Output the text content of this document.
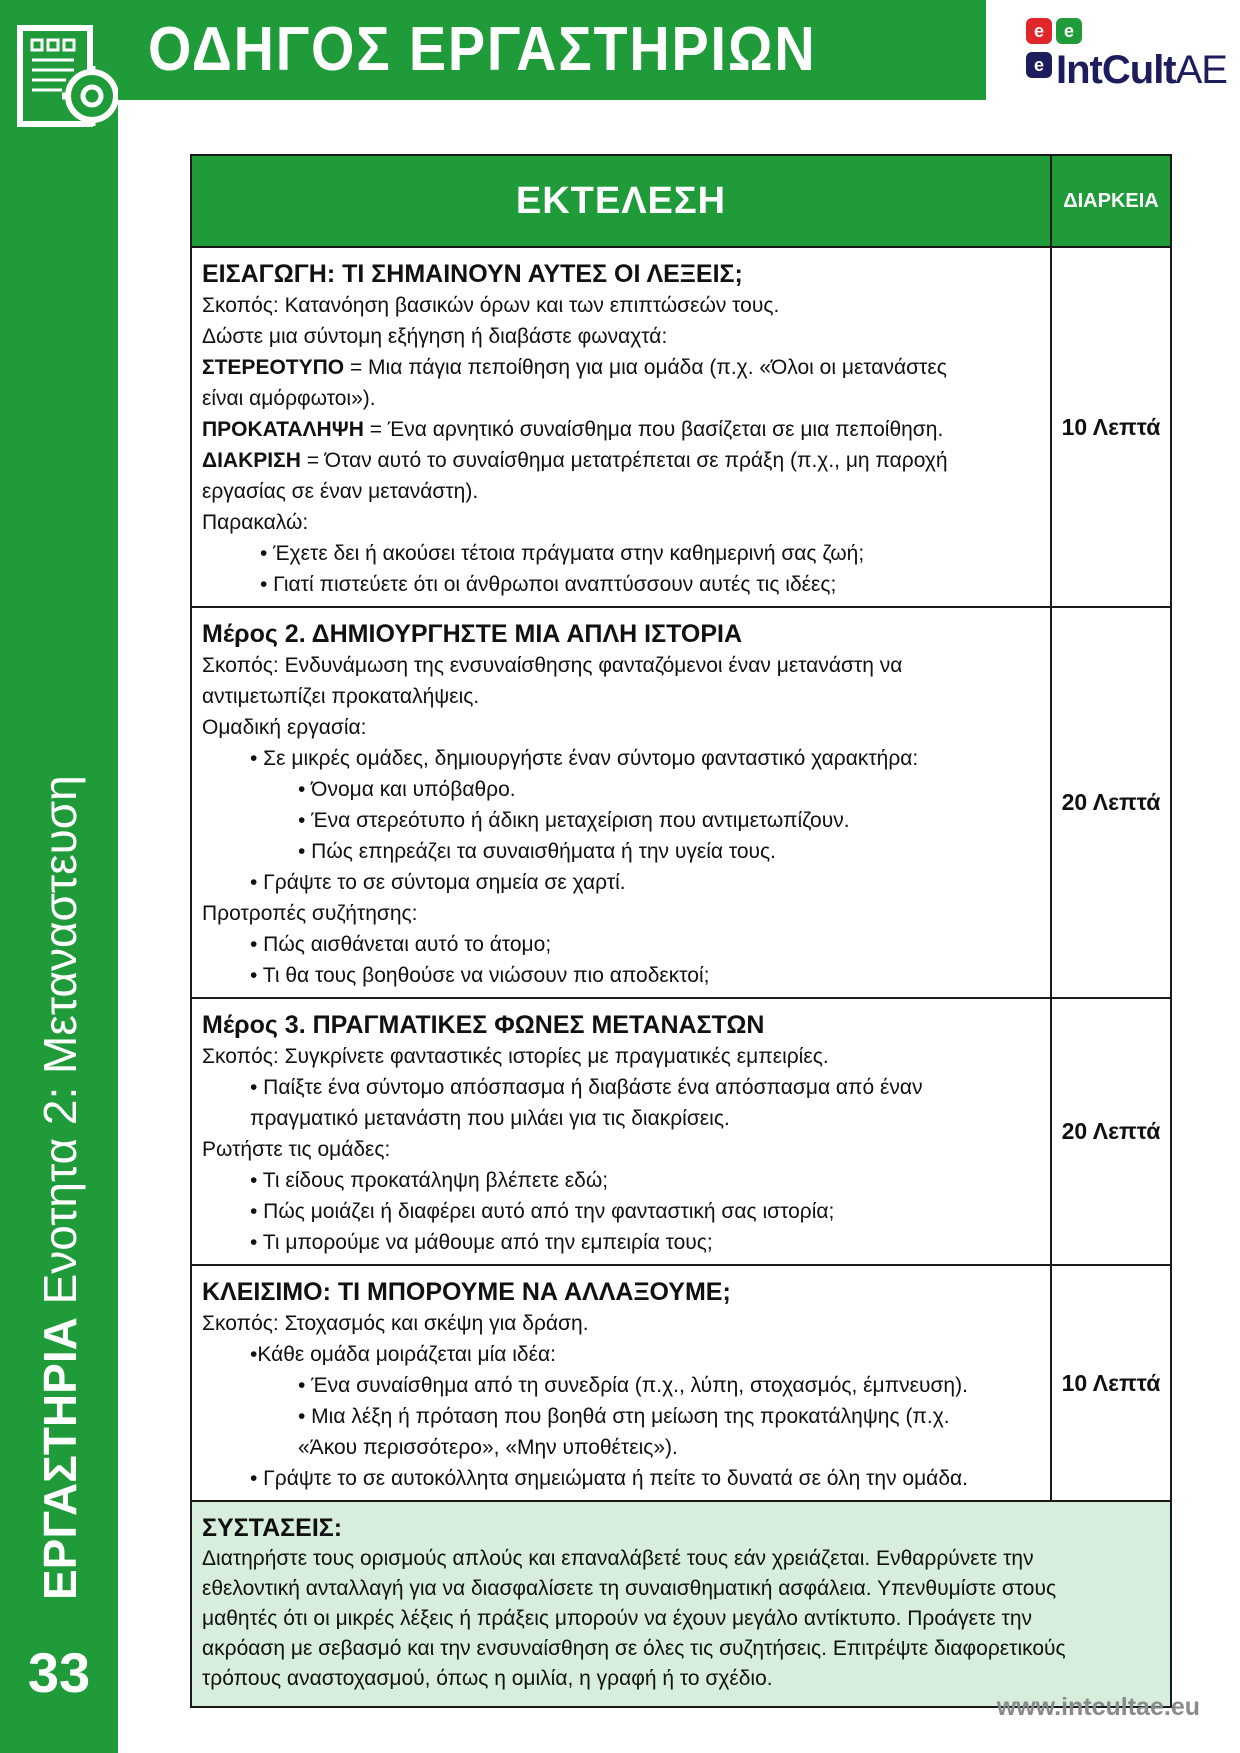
ΕΡΓΑΣΤΗΡΙΑ Ενοτητα 2: Μεταναστευση
33
ΟΔΗΓΟΣ ΕΡΓΑΣΤΗΡΙΩΝ	e	e
e IntCultAE
ΕΚΤΕΛΕΣΗ	ΔΙΑΡΚΕΙΑ
ΕΙΣΑΓΩΓΗ: ΤΙ ΣΗΜΑΙΝΟΥΝ ΑΥΤΕΣ ΟΙ ΛΕΞΕΙΣ;
Σκοπός: Κατανόηση βασικών όρων και των επιπτώσεών τους.
Δώστε μια σύντομη εξήγηση ή διαβάστε φωναχτά:
ΣΤΕΡΕΟΤΥΠΟ = Μια πάγια πεποίθηση για μια ομάδα (π.χ. «Όλοι οι μετανάστες
είναι αμόρφωτοι»).
ΠΡΟΚΑΤΑΛΗΨΗ = Ένα αρνητικό συναίσθημα που βασίζεται σε μια πεποίθηση.
ΔΙΑΚΡΙΣΗ = Όταν αυτό το συναίσθημα μετατρέπεται σε πράξη (π.χ., μη παροχή
εργασίας σε έναν μετανάστη).
Παρακαλώ:
• Έχετε δει ή ακούσει τέτοια πράγματα στην καθημερινή σας ζωή;
• Γιατί πιστεύετε ότι οι άνθρωποι αναπτύσσουν αυτές τις ιδέες;
10 Λεπτά
Μέρος 2. ΔΗΜΙΟΥΡΓΗΣΤΕ ΜΙΑ ΑΠΛΗ ΙΣΤΟΡΙΑ
Σκοπός: Ενδυνάμωση της ενσυναίσθησης φανταζόμενοι έναν μετανάστη να
αντιμετωπίζει προκαταλήψεις.
Ομαδική εργασία:
• Σε μικρές ομάδες, δημιουργήστε έναν σύντομο φανταστικό χαρακτήρα:
• Όνομα και υπόβαθρο.
• Ένα στερεότυπο ή άδικη μεταχείριση που αντιμετωπίζουν.
• Πώς επηρεάζει τα συναισθήματα ή την υγεία τους.
• Γράψτε το σε σύντομα σημεία σε χαρτί.
Προτροπές συζήτησης:
• Πώς αισθάνεται αυτό το άτομο;
• Τι θα τους βοηθούσε να νιώσουν πιο αποδεκτοί;
20 Λεπτά
Μέρος 3. ΠΡΑΓΜΑΤΙΚΕΣ ΦΩΝΕΣ ΜΕΤΑΝΑΣΤΩΝ
Σκοπός: Συγκρίνετε φανταστικές ιστορίες με πραγματικές εμπειρίες.
• Παίξτε ένα σύντομο απόσπασμα ή διαβάστε ένα απόσπασμα από έναν
πραγματικό μετανάστη που μιλάει για τις διακρίσεις.
Ρωτήστε τις ομάδες:
• Τι είδους προκατάληψη βλέπετε εδώ;
• Πώς μοιάζει ή διαφέρει αυτό από την φανταστική σας ιστορία;
• Τι μπορούμε να μάθουμε από την εμπειρία τους;
20 Λεπτά
ΚΛΕΙΣΙΜΟ: ΤΙ ΜΠΟΡΟΥΜΕ ΝΑ ΑΛΛΑΞΟΥΜΕ;
Σκοπός: Στοχασμός και σκέψη για δράση.
•Κάθε ομάδα μοιράζεται μία ιδέα:
• Ένα συναίσθημα από τη συνεδρία (π.χ., λύπη, στοχασμός, έμπνευση).
• Μια λέξη ή πρόταση που βοηθά στη μείωση της προκατάληψης (π.χ.
«Άκου περισσότερο», «Μην υποθέτεις»).
• Γράψτε το σε αυτοκόλλητα σημειώματα ή πείτε το δυνατά σε όλη την ομάδα.
10 Λεπτά
ΣΥΣΤΑΣΕΙΣ:
Διατηρήστε τους ορισμούς απλούς και επαναλάβετέ τους εάν χρειάζεται. Ενθαρρύνετε την
εθελοντική ανταλλαγή για να διασφαλίσετε τη συναισθηματική ασφάλεια. Υπενθυμίστε στους
μαθητές ότι οι μικρές λέξεις ή πράξεις μπορούν να έχουν μεγάλο αντίκτυπο. Προάγετε την
ακρόαση με σεβασμό και την ενσυναίσθηση σε όλες τις συζητήσεις. Επιτρέψτε διαφορετικούς
τρόπους αναστοχασμού, όπως η ομιλία, η γραφή ή το σχέδιο.
www.intcultae.eu
